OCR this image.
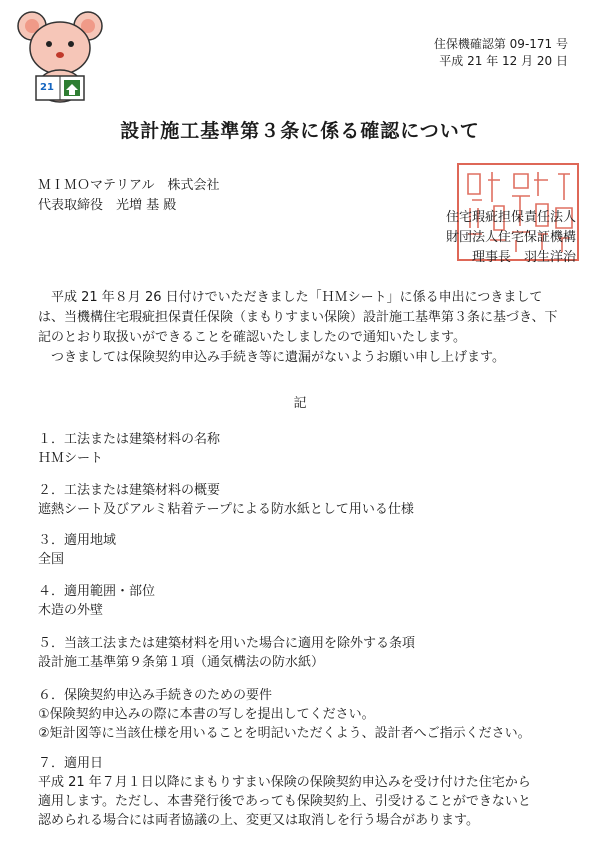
21
住保機確認第 09-171 号
平成 21 年 12 月 20 日
設計施工基準第３条に係る確認について
ＭＩＭＯマテリアル　株式会社
代表取締役　光増 基 殿
住宅瑕疵担保責任法人
財団法人住宅保証機構
理事長　羽生洋治

平成 21 年８月 26 日付けでいただきました「ＨＭシート」に係る申出につきましては、当機構住宅瑕疵担保責任保険（まもりすまい保険）設計施工基準第３条に基づき、下記のとおり取扱いができることを確認いたしましたので通知いたします。

つきましては保険契約申込み手続き等に遺漏がないようお願い申し上げます。

記
１．工法または建築材料の名称
ＨＭシート
２．工法または建築材料の概要
遮熱シート及びアルミ粘着テープによる防水紙として用いる仕様
３．適用地域
全国
４．適用範囲・部位
木造の外壁
５．当該工法または建築材料を用いた場合に適用を除外する条項
設計施工基準第９条第１項（通気構法の防水紙）
６．保険契約申込み手続きのための要件
①保険契約申込みの際に本書の写しを提出してください。
②矩計図等に当該仕様を用いることを明記いただくよう、設計者へご指示ください。
７．適用日
平成 21 年７月１日以降にまもりすまい保険の保険契約申込みを受け付けた住宅から
適用します。ただし、本書発行後であっても保険契約上、引受けることができないと
認められる場合には両者協議の上、変更又は取消しを行う場合があります。
